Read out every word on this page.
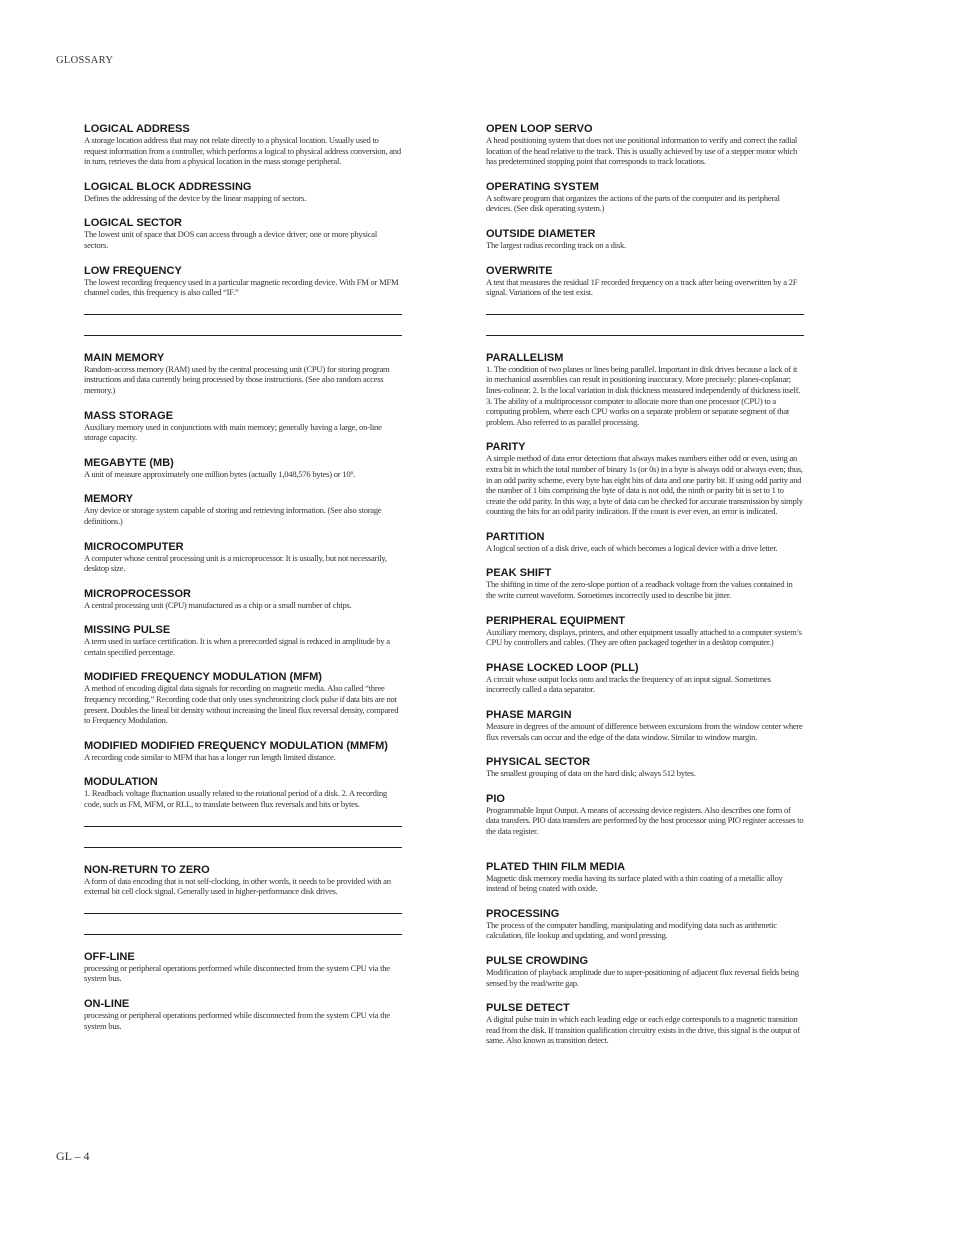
GLOSSARY

LOGICAL ADDRESS

A storage location address that may not relate directly to a physical location. Usually used to request information from a controller, which performs a logical to physical address conversion, and in turn, retrieves the data from a physical location in the mass storage peripheral.

LOGICAL BLOCK ADDRESSING

Defines the addressing of the device by the linear mapping of sectors.

LOGICAL SECTOR

The lowest unit of space that DOS can access through a device driver; one or more physical sectors.

LOW FREQUENCY

The lowest recording frequency used in a particular magnetic recording device. With FM or MFM channel codes, this frequency is also called “IF.”

MAIN MEMORY

Random-access memory (RAM) used by the central processing unit (CPU) for storing program instructions and data currently being processed by those instructions. (See also random access memory.)

MASS STORAGE

Auxiliary memory used in conjunctions with main memory; generally having a large, on-line storage capacity.

MEGABYTE (MB)

A unit of measure approximately one million bytes (actually 1,048,576 bytes) or 10⁶.

MEMORY

Any device or storage system capable of storing and retrieving information. (See also storage definitions.)

MICROCOMPUTER

A computer whose central processing unit is a microprocessor. It is usually, but not necessarily, desktop size.

MICROPROCESSOR

A central processing unit (CPU) manufactured as a chip or a small number of chips.

MISSING PULSE

A term used in surface certification. It is when a prerecorded signal is reduced in amplitude by a certain specified percentage.

MODIFIED FREQUENCY MODULATION (MFM)

A method of encoding digital data signals for recording on magnetic media. Also called “three frequency recording.” Recording code that only uses synchronizing clock pulse if data bits are not present. Doubles the lineal bit density without increasing the lineal flux reversal density, compared to Frequency Modulation.

MODIFIED MODIFIED FREQUENCY MODULATION (MMFM)

A recording code similar to MFM that has a longer run length limited distance.

MODULATION

1. Readback voltage fluctuation usually related to the rotational period of a disk. 2. A recording code, such as FM, MFM, or RLL, to translate between flux reversals and bits or bytes.

NON-RETURN TO ZERO

A form of data encoding that is not self-clocking, in other words, it needs to be provided with an external bit cell clock signal. Generally used in higher-performance disk drives.

OFF-LINE

processing or peripheral operations performed while disconnected from the system CPU via the system bus.

ON-LINE

processing or peripheral operations performed while disconnected from the system CPU via the system bus.

OPEN LOOP SERVO

A head positioning system that does not use positional information to verify and correct the radial location of the head relative to the track. This is usually achieved by use of a stepper motor which has predetermined stopping point that corresponds to track locations.

OPERATING SYSTEM

A software program that organizes the actions of the parts of the computer and its peripheral devices. (See disk operating system.)

OUTSIDE DIAMETER

The largest radius recording track on a disk.

OVERWRITE

A test that measures the residual 1F recorded frequency on a track after being overwritten by a 2F signal. Variations of the test exist.

PARALLELISM

1. The condition of two planes or lines being parallel. Important in disk drives because a lack of it in mechanical assemblies can result in positioning inaccuracy. More precisely: planes-coplanar; lines-colinear. 2. Is the local variation in disk thickness measured independently of thickness itself. 3. The ability of a multiprocessor computer to allocate more than one processor (CPU) to a computing problem, where each CPU works on a separate problem or separate segment of that problem. Also referred to as parallel processing.

PARITY

A simple method of data error detections that always makes numbers either odd or even, using an extra bit in which the total number of binary 1s (or 0s) in a byte is always odd or always even; thus, in an odd parity scheme, every byte has eight bits of data and one parity bit. If using odd parity and the number of 1 bits comprising the byte of data is not odd, the ninth or parity bit is set to 1 to create the odd parity. In this way, a byte of data can be checked for accurate transmission by simply counting the bits for an odd parity indication. If the count is ever even, an error is indicated.

PARTITION

A logical section of a disk drive, each of which becomes a logical device with a drive letter.

PEAK SHIFT

The shifting in time of the zero-slope portion of a readback voltage from the values contained in the write current waveform. Sometimes incorrectly used to describe bit jitter.

PERIPHERAL EQUIPMENT

Auxiliary memory, displays, printers, and other equipment usually attached to a computer system’s CPU by controllers and cables. (They are often packaged together in a desktop computer.)

PHASE LOCKED LOOP (PLL)

A circuit whose output locks onto and tracks the frequency of an input signal. Sometimes incorrectly called a data separator.

PHASE MARGIN

Measure in degrees of the amount of difference between excursions from the window center where flux reversals can occur and the edge of the data window. Similar to window margin.

PHYSICAL SECTOR

The smallest grouping of data on the hard disk; always 512 bytes.

PIO

Programmable Input Output. A means of accessing device registers. Also describes one form of data transfers. PIO data transfers are performed by the host processor using PIO register accesses to the data register.

PLATED THIN FILM MEDIA

Magnetic disk memory media having its surface plated with a thin coating of a metallic alloy instead of being coated with oxide.

PROCESSING

The process of the computer handling, manipulating and modifying data such as arithmetic calculation, file lookup and updating, and word pressing.

PULSE CROWDING

Modification of playback amplitude due to super-positioning of adjacent flux reversal fields being sensed by the read/write gap.

PULSE DETECT

A digital pulse train in which each leading edge or each edge corresponds to a magnetic transition read from the disk. If transition qualification circuitry exists in the drive, this signal is the output of same. Also known as transition detect.

GL – 4
